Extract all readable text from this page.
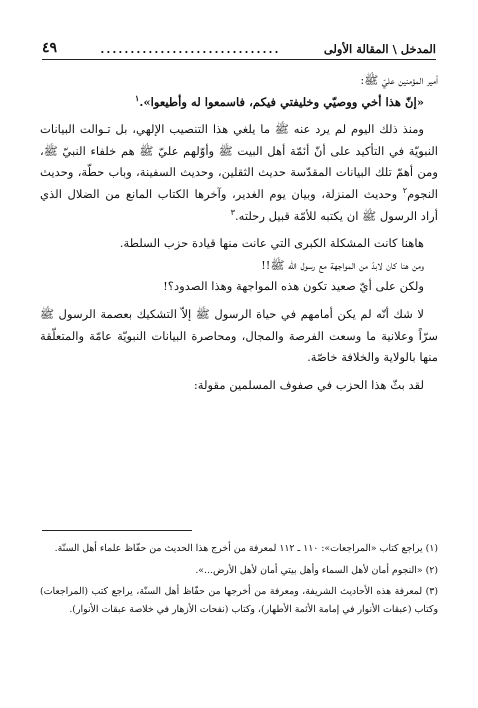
المدخل \ المقالة الأولى
..............................
٤٩

أمير المؤمنين عليّ ﷺ:

«إنّ هذا أخي ووصيّي وخليفتي فيكم، فاسمعوا له وأطيعوا».$^١$

ومنذ ذلك اليوم لم يرد عنه ﷺ ما يلغي هذا التنصيب الإلهي، بل تـوالت البيانات النبويّة في التأكيد على أنّ أئمّة أهل البيت ﷺ وأوّلهم عليّ ﷺ هم خلفاء النبيّ ﷺ، ومن أهمّ تلك البيانات المقدّسة حديث الثقلين، وحديث السفينة، وباب حطّة، وحديث النجوم$^٢$ وحديث المنزلة، وبيان يوم الغدير، وآخرها الكتاب المانع من الضلال الذي أراد الرسول ﷺ ان يكتبه للأمّة قبيل رحلته.$^٣$

هاهنا كانت المشكلة الكبرى التي عانت منها قيادة حزب السلطة.

ومن هنا كان لابدّ من المواجهة مع رسول الله ﷺ!!

ولكن على أيّ صعيد تكون هذه المواجهة وهذا الصدود؟!

لا شك أنّه لم يكن أمامهم في حياة الرسول ﷺ إلاّ التشكيك بعصمة الرسول ﷺ سرّاً وعلانية ما وسعت الفرصة والمجال، ومحاصرة البيانات النبويّة عامّة والمتعلّقة منها بالولاية والخلافة خاصّة.

لقد بثّ هذا الحزب في صفوف المسلمين مقولة:

(١) يراجع كتاب «المراجعات»: ١١٠ ـ ١١٢ لمعرفة من أخرج هذا الحديث من حفّاظ علماء أهل السنّة.

(٢) «النجوم أمان لأهل السماء وأهل بيتي أمان لأهل الأرض...».

(٣) لمعرفة هذه الأحاديث الشريفة، ومعرفة من أخرجها من حفّاظ أهل السنّة، يراجع كتب (المراجعات) وكتاب (عبقات الأنوار في إمامة الأئمة الأطهار)، وكتاب (نفحات الأزهار في خلاصة عبقات الأنوار).
